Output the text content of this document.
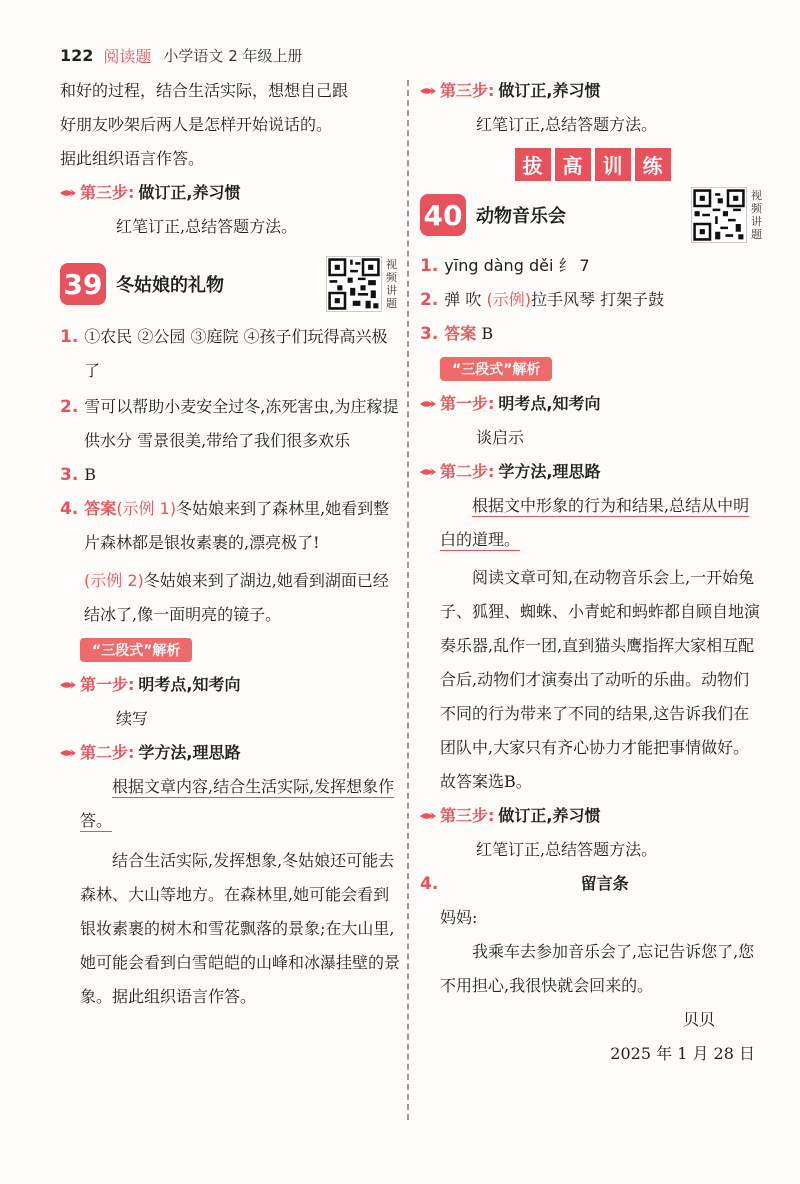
122 阅读题 小学语文 2 年级上册

和好的过程，结合生活实际，想想自己跟

好朋友吵架后两人是怎样开始说话的。

据此组织语言作答。

第三步: 做订正,养习惯

红笔订正,总结答题方法。

39 冬姑娘的礼物
视频讲题

1. ①农民 ②公园 ③庭院 ④孩子们玩得高兴极了

2. 雪可以帮助小麦安全过冬,冻死害虫,为庄稼提供水分 雪景很美,带给了我们很多欢乐

3. B

4. 答案(示例 1)冬姑娘来到了森林里,她看到整片森林都是银妆素裹的,漂亮极了!

(示例 2)冬姑娘来到了湖边,她看到湖面已经结冰了,像一面明亮的镜子。

“三段式”解析
第一步: 明考点,知考向

续写

第二步: 学方法,理思路

根据文章内容,结合生活实际,发挥想象作答。

结合生活实际,发挥想象,冬姑娘还可能去森林、大山等地方。在森林里,她可能会看到银妆素裹的树木和雪花飘落的景象;在大山里,她可能会看到白雪皑皑的山峰和冰瀑挂壁的景象。据此组织语言作答。

第三步: 做订正,养习惯

红笔订正,总结答题方法。

拔	高	训	练
40 动物音乐会
视频讲题

1. yīng dàng děi 纟 7

2. 弹 吹 (示例)拉手风琴 打架子鼓

3. 答案 B

“三段式”解析
第一步: 明考点,知考向

谈启示

第二步: 学方法,理思路

根据文中形象的行为和结果,总结从中明白的道理。

阅读文章可知,在动物音乐会上,一开始兔子、狐狸、蜘蛛、小青蛇和蚂蚱都自顾自地演奏乐器,乱作一团,直到猫头鹰指挥大家相互配合后,动物们才演奏出了动听的乐曲。动物们不同的行为带来了不同的结果,这告诉我们在团队中,大家只有齐心协力才能把事情做好。故答案选B。

第三步: 做订正,养习惯

红笔订正,总结答题方法。

4.	留言条

妈妈:

我乘车去参加音乐会了,忘记告诉您了,您不用担心,我很快就会回来的。

贝贝

2025 年 1 月 28 日
